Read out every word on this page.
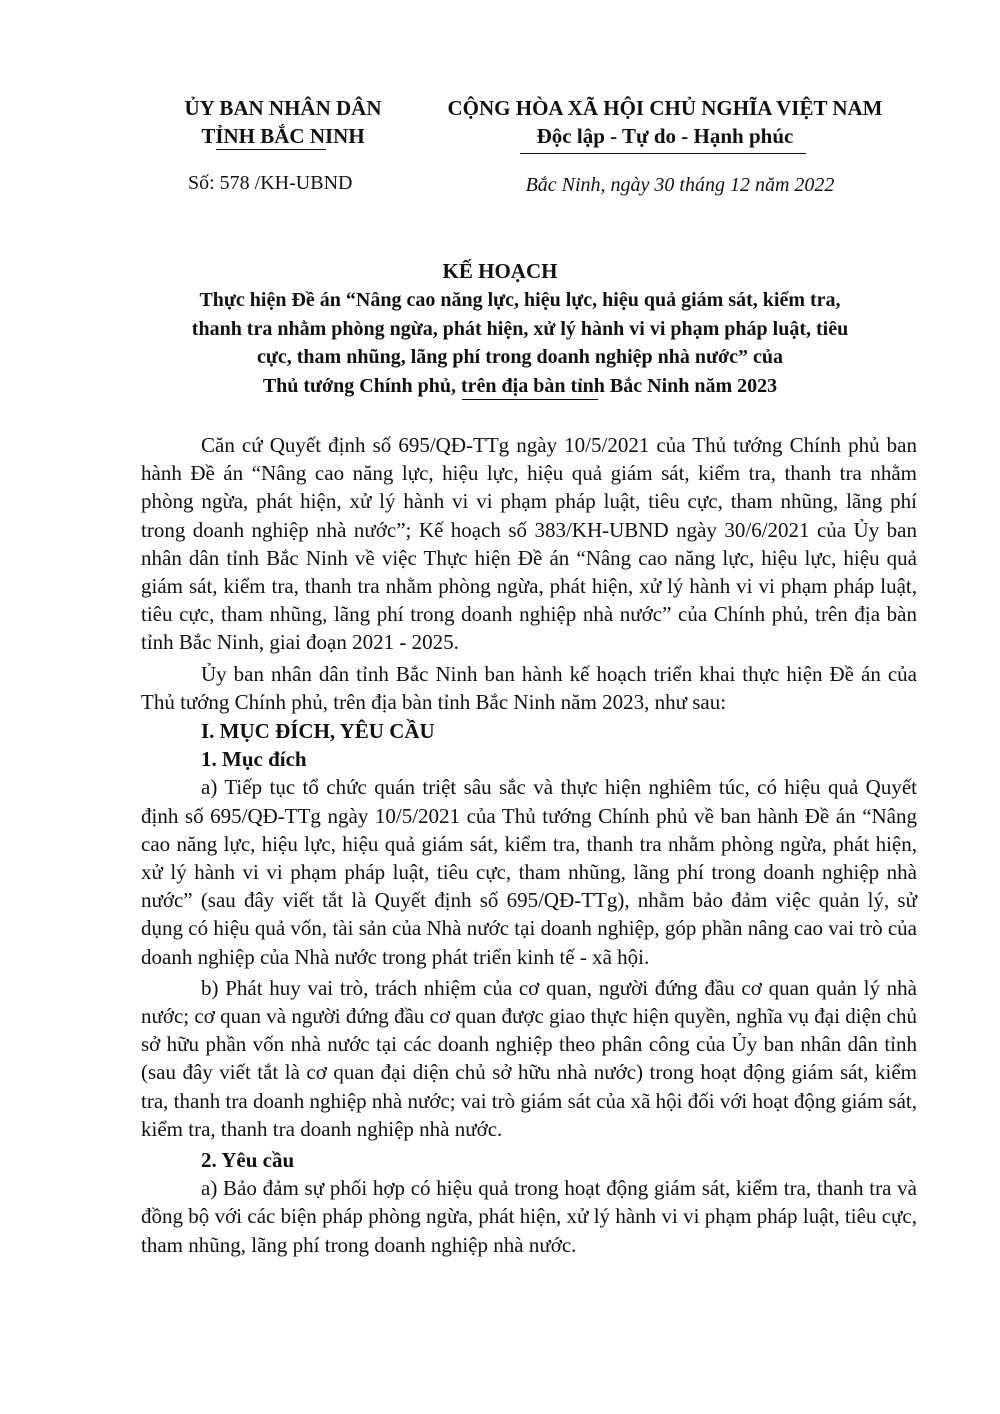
ỦY BAN NHÂN DÂN
TỈNH BẮC NINH
CỘNG HÒA XÃ HỘI CHỦ NGHĨA VIỆT NAM
Độc lập - Tự do - Hạnh phúc
Số: 578 /KH-UBND	Bắc Ninh, ngày 30 tháng 12 năm 2022
KẾ HOẠCH
Thực hiện Đề án “Nâng cao năng lực, hiệu lực, hiệu quả giám sát, kiểm tra,
thanh tra nhằm phòng ngừa, phát hiện, xử lý hành vi vi phạm pháp luật, tiêu
cực, tham nhũng, lãng phí trong doanh nghiệp nhà nước” của
Thủ tướng Chính phủ, trên địa bàn tỉnh Bắc Ninh năm 2023

Căn cứ Quyết định số 695/QĐ-TTg ngày 10/5/2021 của Thủ tướng Chính phủ ban hành Đề án “Nâng cao năng lực, hiệu lực, hiệu quả giám sát, kiểm tra, thanh tra nhằm phòng ngừa, phát hiện, xử lý hành vi vi phạm pháp luật, tiêu cực, tham nhũng, lãng phí trong doanh nghiệp nhà nước”; Kế hoạch số 383/KH-UBND ngày 30/6/2021 của Ủy ban nhân dân tỉnh Bắc Ninh về việc Thực hiện Đề án “Nâng cao năng lực, hiệu lực, hiệu quả giám sát, kiểm tra, thanh tra nhằm phòng ngừa, phát hiện, xử lý hành vi vi phạm pháp luật, tiêu cực, tham nhũng, lãng phí trong doanh nghiệp nhà nước” của Chính phủ, trên địa bàn tỉnh Bắc Ninh, giai đoạn 2021 - 2025.

Ủy ban nhân dân tỉnh Bắc Ninh ban hành kế hoạch triển khai thực hiện Đề án của Thủ tướng Chính phủ, trên địa bàn tỉnh Bắc Ninh năm 2023, như sau:

I. MỤC ĐÍCH, YÊU CẦU
1. Mục đích

a) Tiếp tục tổ chức quán triệt sâu sắc và thực hiện nghiêm túc, có hiệu quả Quyết định số 695/QĐ-TTg ngày 10/5/2021 của Thủ tướng Chính phủ về ban hành Đề án “Nâng cao năng lực, hiệu lực, hiệu quả giám sát, kiểm tra, thanh tra nhằm phòng ngừa, phát hiện, xử lý hành vi vi phạm pháp luật, tiêu cực, tham nhũng, lãng phí trong doanh nghiệp nhà nước” (sau đây viết tắt là Quyết định số 695/QĐ-TTg), nhằm bảo đảm việc quản lý, sử dụng có hiệu quả vốn, tài sản của Nhà nước tại doanh nghiệp, góp phần nâng cao vai trò của doanh nghiệp của Nhà nước trong phát triển kinh tế - xã hội.

b) Phát huy vai trò, trách nhiệm của cơ quan, người đứng đầu cơ quan quản lý nhà nước; cơ quan và người đứng đầu cơ quan được giao thực hiện quyền, nghĩa vụ đại diện chủ sở hữu phần vốn nhà nước tại các doanh nghiệp theo phân công của Ủy ban nhân dân tỉnh (sau đây viết tắt là cơ quan đại diện chủ sở hữu nhà nước) trong hoạt động giám sát, kiểm tra, thanh tra doanh nghiệp nhà nước; vai trò giám sát của xã hội đối với hoạt động giám sát, kiểm tra, thanh tra doanh nghiệp nhà nước.

2. Yêu cầu

a) Bảo đảm sự phối hợp có hiệu quả trong hoạt động giám sát, kiểm tra, thanh tra và đồng bộ với các biện pháp phòng ngừa, phát hiện, xử lý hành vi vi phạm pháp luật, tiêu cực, tham nhũng, lãng phí trong doanh nghiệp nhà nước.
